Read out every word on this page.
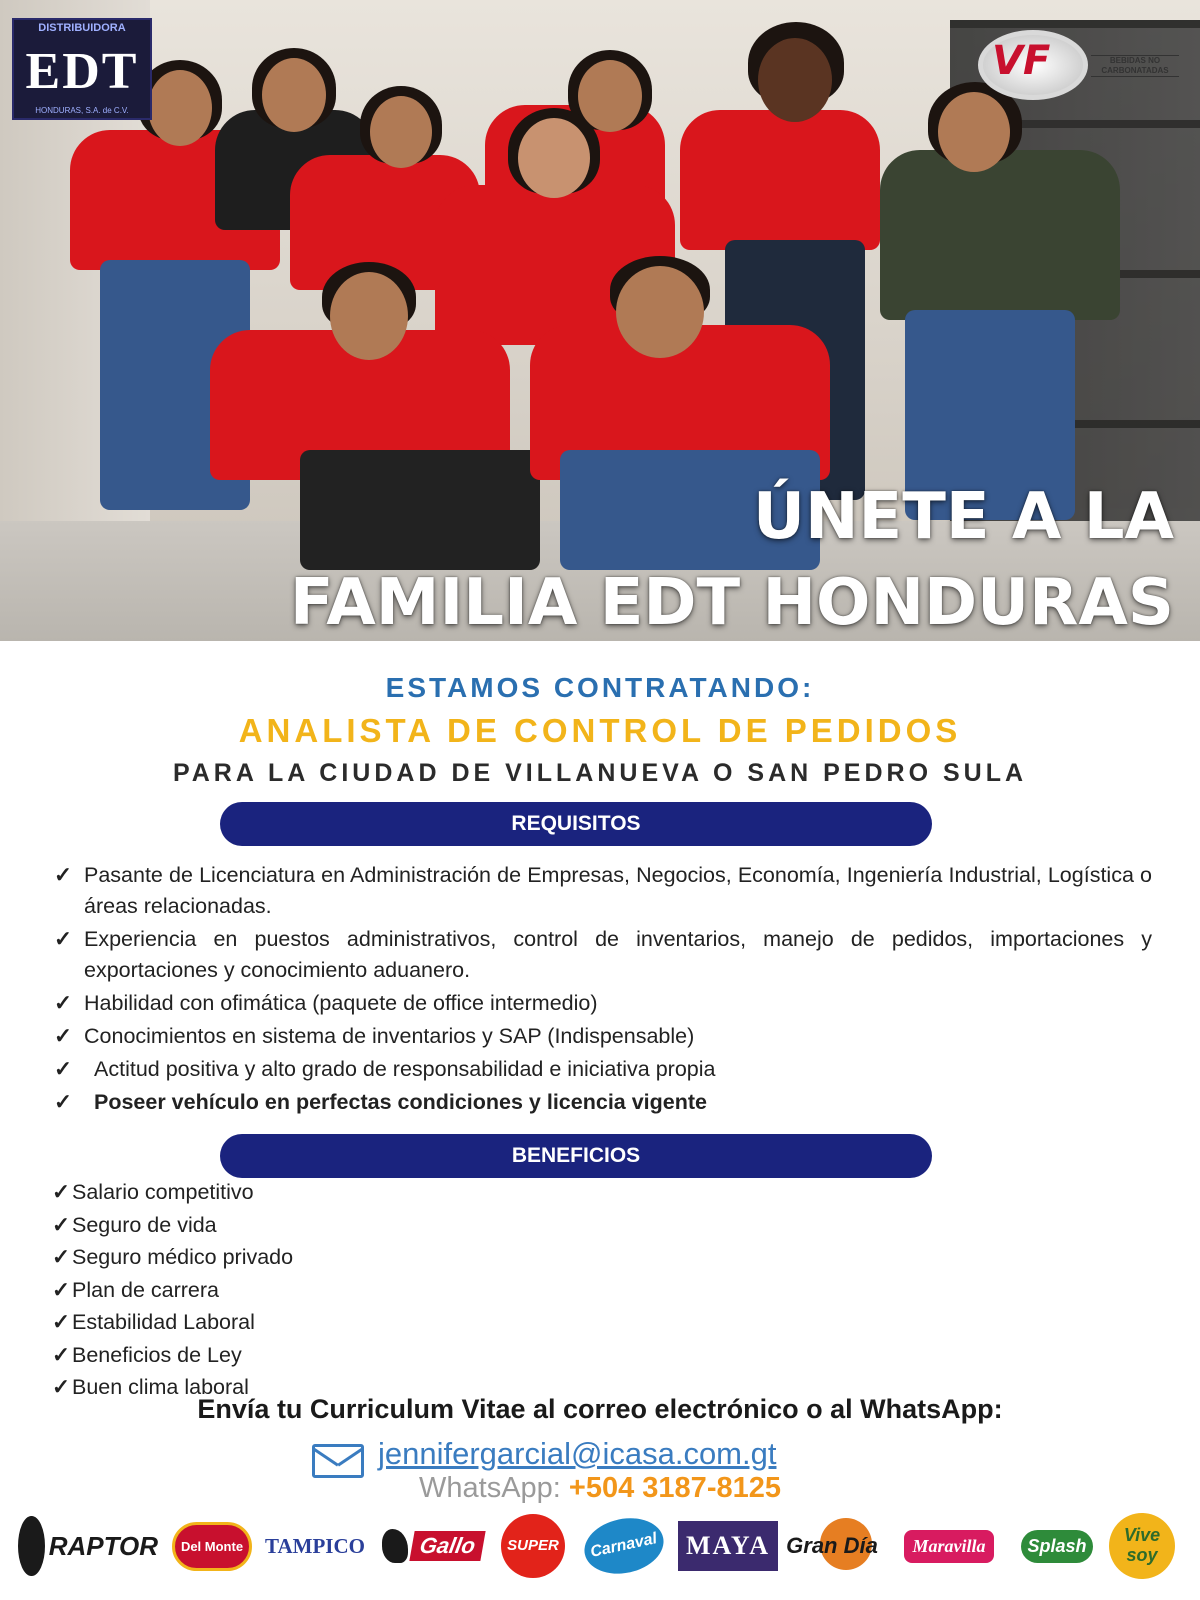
DISTRIBUIDORA
EDT
HONDURAS, S.A. de C.V.
VF	BEBIDAS NO CARBONATADAS
ÚNETE A LA
FAMILIA EDT HONDURAS
ESTAMOS CONTRATANDO:
ANALISTA DE CONTROL DE PEDIDOS
PARA LA CIUDAD DE VILLANUEVA O SAN PEDRO SULA
REQUISITOS
✓ Pasante de Licenciatura en Administración de Empresas, Negocios, Economía, Ingeniería Industrial, Logística o áreas relacionadas.
✓ Experiencia en puestos administrativos, control de inventarios, manejo de pedidos, importaciones y exportaciones y conocimiento aduanero.
✓ Habilidad con ofimática (paquete de office intermedio)
✓ Conocimientos en sistema de inventarios y SAP (Indispensable)
✓ Actitud positiva y alto grado de responsabilidad e iniciativa propia
✓ Poseer vehículo en perfectas condiciones y licencia vigente
BENEFICIOS
✓ Salario competitivo
✓ Seguro de vida
✓ Seguro médico privado
✓ Plan de carrera
✓ Estabilidad Laboral
✓ Beneficios de Ley
✓ Buen clima laboral
Envía tu Curriculum Vitae al correo electrónico o al WhatsApp:
jennifergarcial@icasa.com.gt
WhatsApp: +504 3187-8125
RAPTOR	Del Monte	TAMPICO	Gallo	SUPER	Carnaval	MAYA Gran Día	Maravilla	Splash
Vive soy
